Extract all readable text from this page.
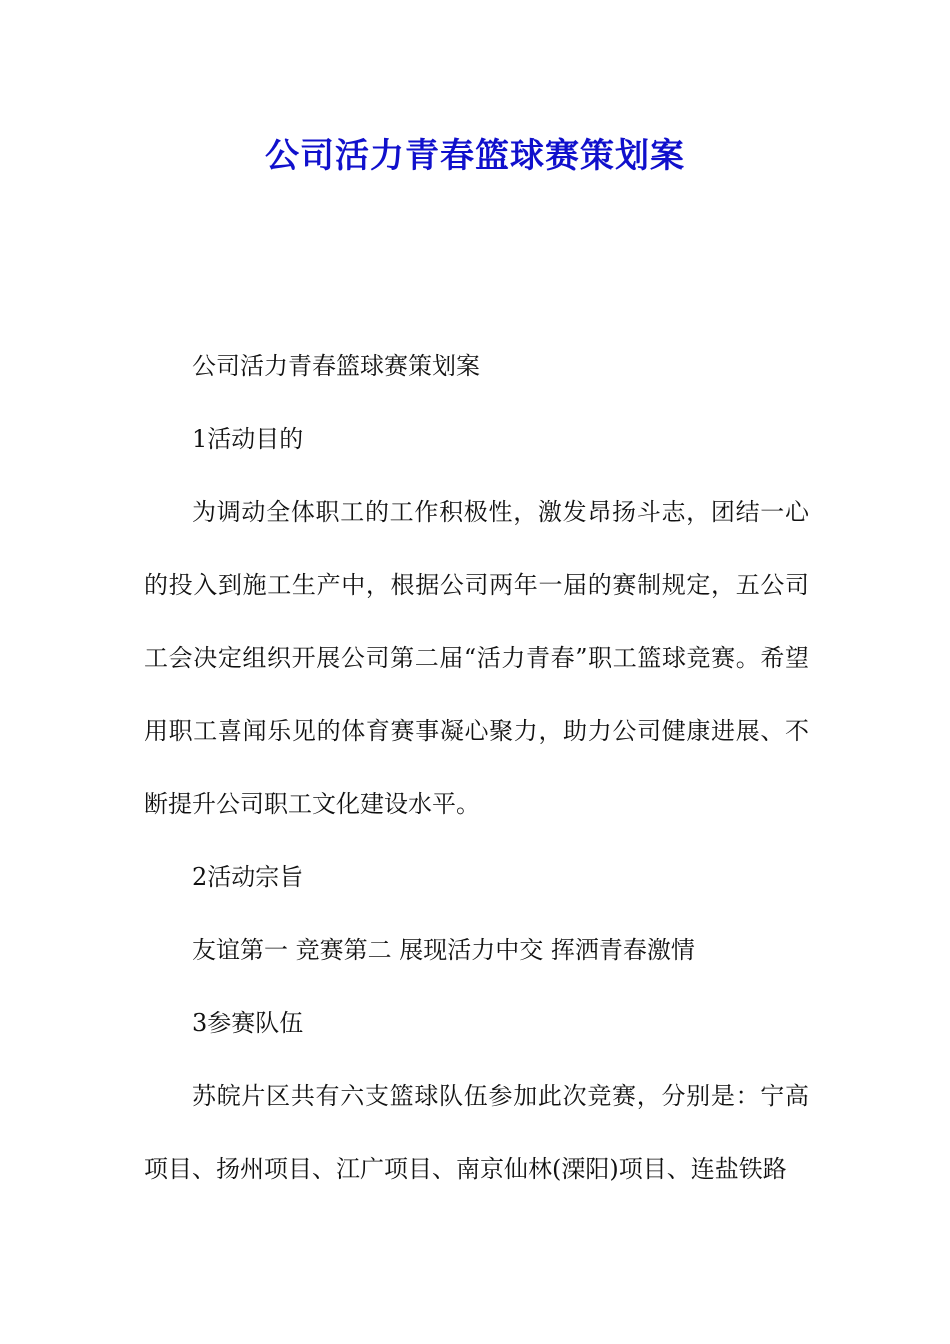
公司活力青春篮球赛策划案

公司活力青春篮球赛策划案

1活动目的

为调动全体职工的工作积极性，激发昂扬斗志，团结一心的投入到施工生产中，根据公司两年一届的赛制规定，五公司工会决定组织开展公司第二届“活力青春”职工篮球竞赛。希望用职工喜闻乐见的体育赛事凝心聚力，助力公司健康进展、不断提升公司职工文化建设水平。

2活动宗旨

友谊第一 竞赛第二 展现活力中交 挥洒青春激情

3参赛队伍

苏皖片区共有六支篮球队伍参加此次竞赛，分别是：宁高项目、扬州项目、江广项目、南京仙林(溧阳)项目、连盐铁路
